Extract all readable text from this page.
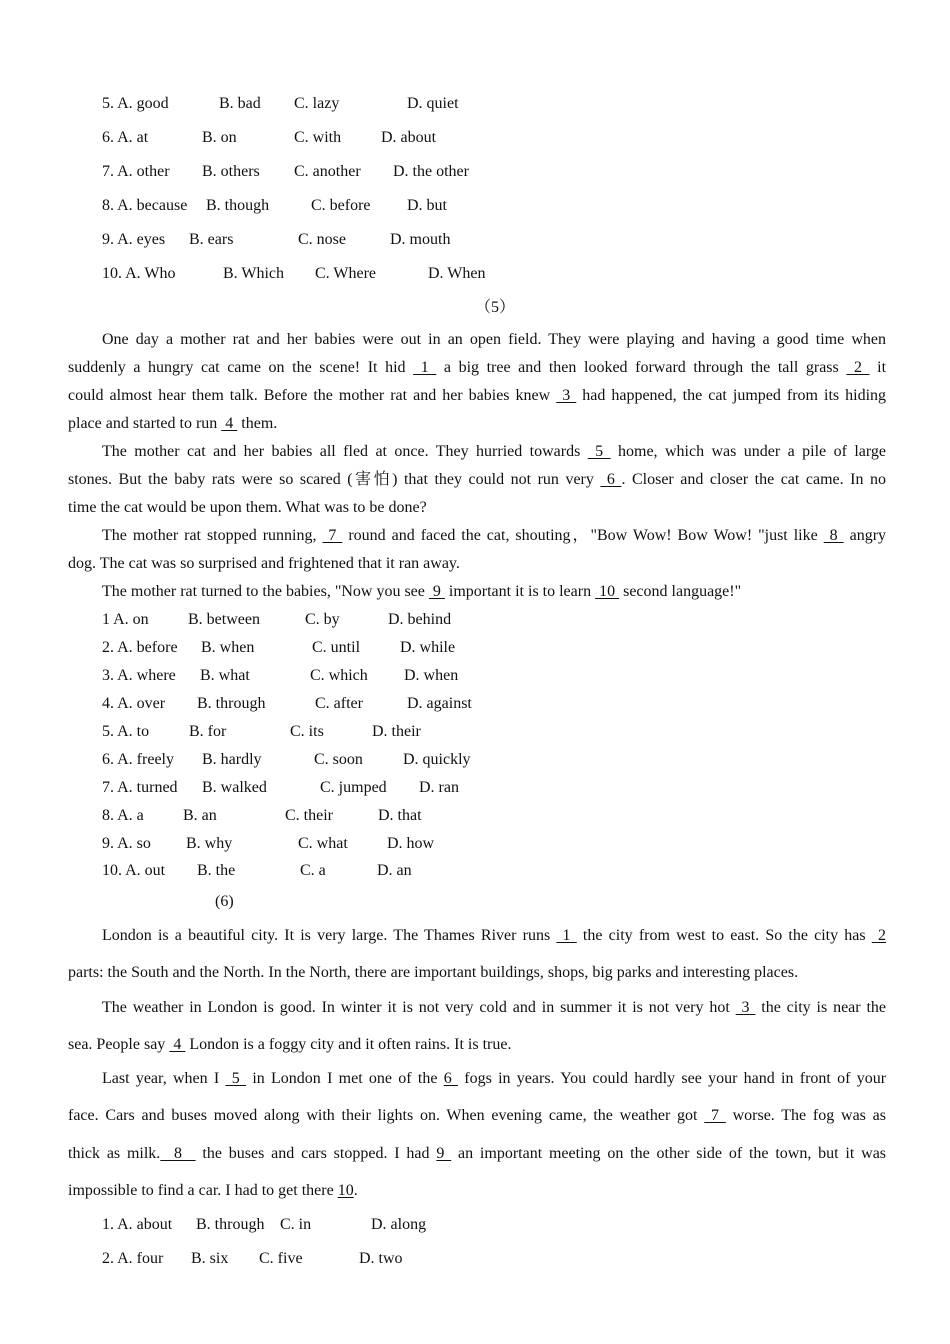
5. A. good	B. bad C. lazy	D. quiet
6. A. at	B. on	C. with D. about
7. A. other B. others C. another D. the other
8. A. because B. though	C. before D. but
9. A. eyes B. ears	C. nose	D. mouth
10. A. Who	B. Which C. Where	D. When
（5）
One day a mother rat and her babies were out in an open field. They were playing and having a good time when
suddenly a hungry cat came on the scene! It hid  1  a big tree and then looked forward through the tall grass  2  it
could almost hear them talk. Before the mother rat and her babies knew  3  had happened, the cat jumped from its hiding
place and started to run  4  them.
The mother cat and her babies all fled at once. They hurried towards  5  home, which was under a pile of large
stones. But the baby rats were so scared (害怕) that they could not run very  6 . Closer and closer the cat came. In no
time the cat would be upon them. What was to be done?
The mother rat stopped running,  7  round and faced the cat, shouting，"Bow Wow! Bow Wow! "just like  8  angry
dog. The cat was so surprised and frightened that it ran away.
The mother rat turned to the babies, "Now you see  9  important it is to learn  10  second language!"
1 A. on B. between	C. by	D. behind
2. A. before B. when	C. until D. while
3. A. where B. what	C. which D. when
4. A. over B. through	C. after	D. against
5. A. to B. for	C. its	D. their
6. A. freely B. hardly	C. soon	D. quickly
7. A. turned B. walked	C. jumped D. ran
8. A. a B. an	C. their	D. that
9. A. so B. why	C. what D. how
10. A. out B. the	C. a	D. an
(6)
London is a beautiful city. It is very large. The Thames River runs  1  the city from west to east. So the city has  2
parts: the South and the North. In the North, there are important buildings, shops, big parks and interesting places.
The weather in London is good. In winter it is not very cold and in summer it is not very hot  3  the city is near the
sea. People say  4  London is a foggy city and it often rains. It is true.
Last year, when I  5  in London I met one of the 6  fogs in years. You could hardly see your hand in front of your
face. Cars and buses moved along with their lights on. When evening came, the weather got  7  worse. The fog was as
thick as milk.  8   the buses and cars stopped. I had 9  an important meeting on the other side of the town, but it was
impossible to find a car. I had to get there 10.
1. A. about B. through C. in	D. along
2. A. four B. six C. five	D. two
